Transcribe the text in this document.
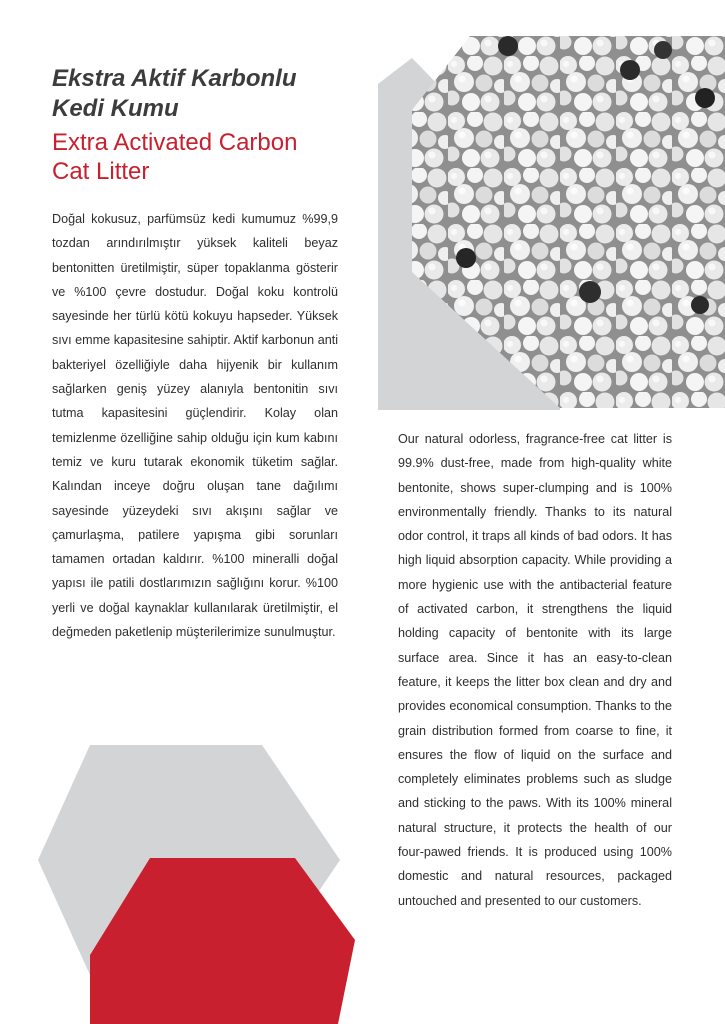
Ekstra Aktif Karbonlu
Kedi Kumu
Extra Activated Carbon
Cat Litter

Doğal kokusuz, parfümsüz kedi kumumuz %99,9 tozdan arındırılmıştır yüksek kaliteli beyaz bentonitten üretilmiştir, süper topaklanma gösterir ve %100 çevre dostudur. Doğal koku kontrolü sayesinde her türlü kötü kokuyu hapseder. Yüksek sıvı emme kapasitesine sahiptir. Aktif karbonun anti bakteriyel özelliğiyle daha hijyenik bir kullanım sağlarken geniş yüzey alanıyla bentonitin sıvı tutma kapasitesini güçlendirir. Kolay olan temizlenme özelliğine sahip olduğu için kum kabını temiz ve kuru tutarak ekonomik tüketim sağlar. Kalından inceye doğru oluşan tane dağılımı sayesinde yüzeydeki sıvı akışını sağlar ve çamurlaşma, patilere yapışma gibi sorunları tamamen ortadan kaldırır. %100 mineralli doğal yapısı ile patili dostlarımızın sağlığını korur. %100 yerli ve doğal kaynaklar kullanılarak üretilmiştir, el değmeden paketlenip müşterilerimize sunulmuştur.

Our natural odorless, fragrance-free cat litter is 99.9% dust-free, made from high-quality white bentonite, shows super-clumping and is 100% environmentally friendly. Thanks to its natural odor control, it traps all kinds of bad odors. It has high liquid absorption capacity. While providing a more hygienic use with the antibacterial feature of activated carbon, it strengthens the liquid holding capacity of bentonite with its large surface area. Since it has an easy-to-clean feature, it keeps the litter box clean and dry and provides economical consumption. Thanks to the grain distribution formed from coarse to fine, it ensures the flow of liquid on the surface and completely eliminates problems such as sludge and sticking to the paws. With its 100% mineral natural structure, it protects the health of our four-pawed friends. It is produced using 100% domestic and natural resources, packaged untouched and presented to our customers.
